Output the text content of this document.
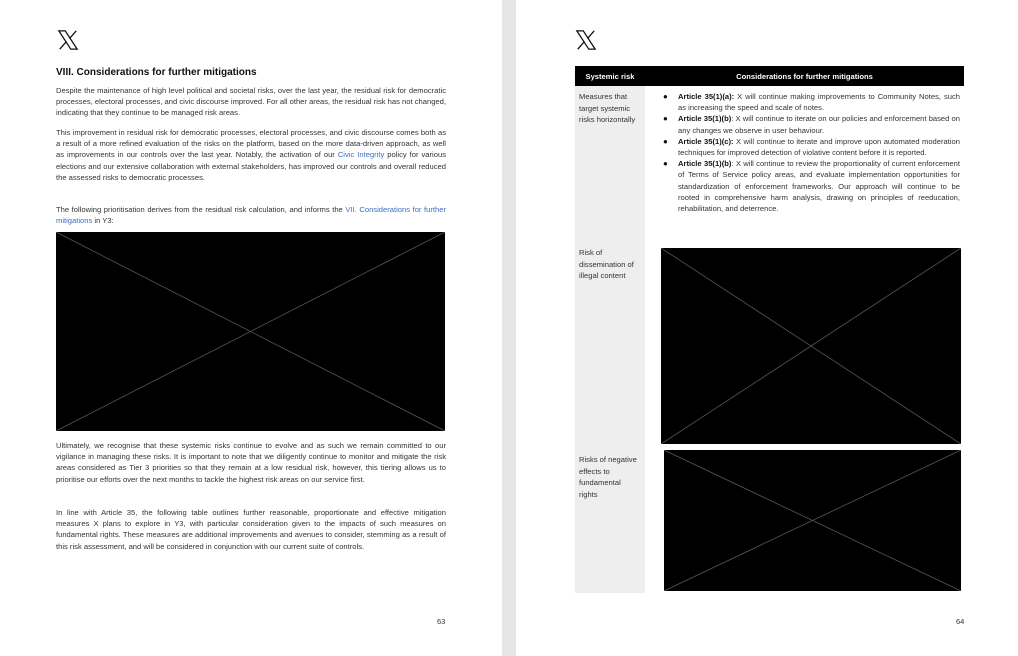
VIII. Considerations for further mitigations

Despite the maintenance of high level political and societal risks, over the last year, the residual risk for democratic processes, electoral processes, and civic discourse improved. For all other areas, the residual risk has not changed, indicating that they continue to be managed risk areas.

This improvement in residual risk for democratic processes, electoral processes, and civic discourse comes both as a result of a more refined evaluation of the risks on the platform, based on the more data-driven approach, as well as improvements in our controls over the last year. Notably, the activation of our Civic Integrity policy for various elections and our extensive collaboration with external stakeholders, has improved our controls and overall reduced the assessed risks to democratic processes.

The following prioritisation derives from the residual risk calculation, and informs the VII. Considerations for further mitigations in Y3:

Ultimately, we recognise that these systemic risks continue to evolve and as such we remain committed to our vigilance in managing these risks. It is important to note that we diligently continue to monitor and mitigate the risk areas considered as Tier 3 priorities so that they remain at a low residual risk, however, this tiering allows us to prioritise our efforts over the next months to tackle the highest risk areas on our service first.

In line with Article 35, the following table outlines further reasonable, proportionate and effective mitigation measures X plans to explore in Y3, with particular consideration given to the impacts of such measures on fundamental rights. These measures are additional improvements and avenues to consider, stemming as a result of this risk assessment, and will be considered in conjunction with our current suite of controls.

63
Systemic risk	Considerations for further mitigations

Measures that target systemic risks horizontally

Risk of dissemination of illegal content

Risks of negative effects to fundamental rights

● Article 35(1)(a): X will continue making improvements to Community Notes, such as increasing the speed and scale of notes.
● Article 35(1)(b): X will continue to iterate on our policies and enforcement based on any changes we observe in user behaviour.
● Article 35(1)(c): X will continue to iterate and improve upon automated moderation techniques for improved detection of violative content before it is reported.
● Article 35(1)(b): X will continue to review the proportionality of current enforcement of Terms of Service policy areas, and evaluate implementation opportunities for standardization of enforcement frameworks. Our approach will continue to be rooted in comprehensive harm analysis, drawing on principles of reeducation, rehabilitation, and deterrence.
64
